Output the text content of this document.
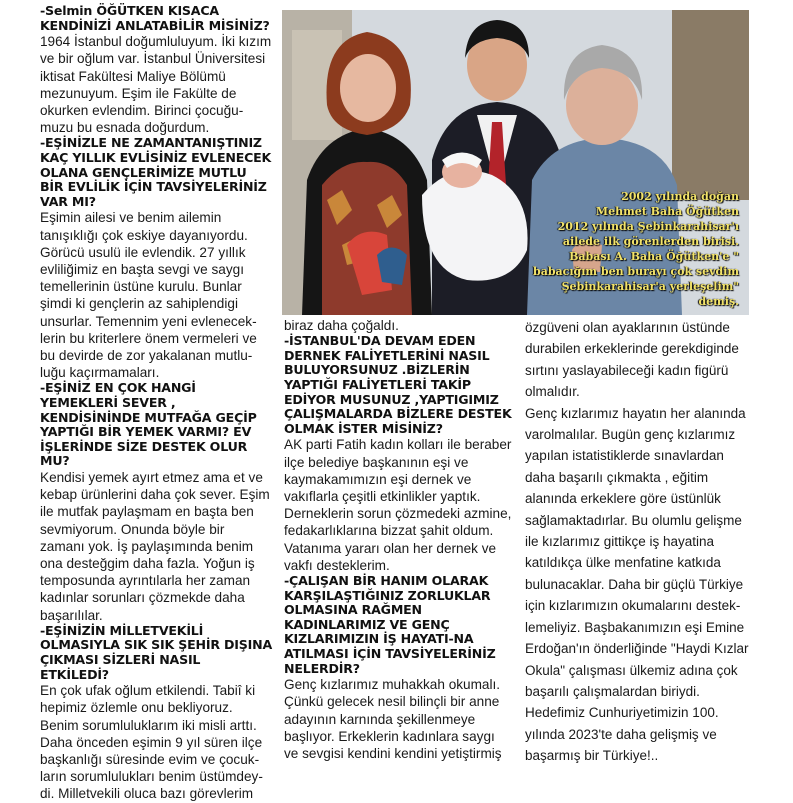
-Selmin ÖĞÜTKEN KISACA KENDİNİZİ ANLATABİLİR MİSİNİZ?

1964 İstanbul doğumluluyum. İki kızım ve bir oğlum var. İstanbul Üniversitesi iktisat Fakültesi Maliye Bölümü mezunuyum. Eşim ile Fakülte de okurken evlendim. Birinci çocuğu-muzu bu esnada doğurdum.

-EŞİNİZLE NE ZAMANTANIŞTINIZ KAÇ YILLIK EVLİSİNİZ EVLENECEK OLANA GENÇLERİMİZE MUTLU BİR EVLİLİK İÇİN TAVSİYELERİNİZ VAR MI?

Eşimin ailesi ve benim ailemin tanışıklığı çok eskiye dayanıyordu. Görücü usulü ile evlendik. 27 yıllık evliliğimiz en başta sevgi ve saygı temellerinin üstüne kurulu. Bunlar şimdi ki gençlerin az sahiplendigi unsurlar. Temennim yeni evlenecek-lerin bu kriterlere önem vermeleri ve bu devirde de zor yakalanan mutlu-luğu kaçırmamaları.

-EŞİNİZ EN ÇOK HANGİ YEMEKLERİ SEVER , KENDİSİNİNDE MUTFAĞA GEÇİP YAPTIĞI BİR YEMEK VARMI? EV İŞLERİNDE SİZE DESTEK OLUR MU?

Kendisi yemek ayırt etmez ama et ve kebap ürünlerini daha çok sever. Eşim ile mutfak paylaşmam en başta ben sevmiyorum. Onunda böyle bir zamanı yok. İş paylaşımında benim ona desteğgim daha fazla. Yoğun iş temposunda ayrıntılarla her zaman kadınlar sorunları çözmekde daha başarılılar.

-EŞİNİZİN MİLLETVEKİLİ OLMASIYLA SIK SIK ŞEHİR DIŞINA ÇIKMASI SİZLERİ NASIL ETKİLEDİ?

En çok ufak oğlum etkilendi. Tabiî ki hepimiz özlemle onu bekliyoruz. Benim sorumluluklarım iki misli arttı. Daha önceden eşimin 9 yıl süren ilçe başkanlığı süresinde evim ve çocuk-ların sorumlulukları benim üstümdey-di. Milletvekili oluca bazı görevlerim

biraz daha çoğaldı.

-İSTANBUL'DA DEVAM EDEN DERNEK FALİYETLERİNİ NASIL BULUYORSUNUZ .BİZLERİN YAPTIĞI FALİYETLERİ TAKİP EDİYOR MUSUNUZ ,YAPTIGIMIZ ÇALIŞMALARDA BİZLERE DESTEK OLMAK İSTER MİSİNİZ?

AK parti Fatih kadın kolları ile beraber ilçe belediye başkanının eşi ve kaymakamımızın eşi dernek ve vakıflarla çeşitli etkinlikler yaptık. Derneklerin sorun çözmedeki azmine, fedakarlıklarına bizzat şahit oldum. Vatanıma yararı olan her dernek ve vakfı desteklerim.

-ÇALIŞAN BİR HANIM OLARAK KARŞILAŞTIĞINIZ ZORLUKLAR OLMASINA RAĞMEN KADINLARIMIZ VE GENÇ KIZLARIMIZIN İŞ HAYATI-NA ATILMASI İÇİN TAVSİYELERİNİZ NELERDİR?

Genç kızlarımız muhakkah okumalı. Çünkü gelecek nesil bilinçli bir anne adayının karnında şekillenmeye başlıyor. Erkeklerin kadınlara saygı ve sevgisi kendini kendini yetiştirmiş

özgüveni olan ayaklarının üstünde durabilen erkeklerinde gerekdiginde sırtını yaslayabileceği kadın figürü olmalıdır.

Genç kızlarımız hayatın her alanında varolmalılar. Bugün genç kızlarımız yapılan istatistiklerde sınavlardan daha başarılı çıkmakta , eğitim alanında erkeklere göre üstünlük sağlamaktadırlar. Bu olumlu gelişme ile kızlarımız gittikçe iş hayatina katıldıkça ülke menfatine katkıda bulunacaklar. Daha bir güçlü Türkiye için kızlarımızın okumalarını destek-lemeliyiz. Başbakanımızın eşi Emine Erdoğan'ın önderliğinde "Haydi Kızlar Okula" çalışması ülkemiz adına çok başarılı çalışmalardan biriydi. Hedefimiz Cunhuriyetimizin 100. yılında 2023'te daha gelişmiş ve başarmış bir Türkiye!..

2002 yılında doğan

Mehmet Baha Öğütken

2012 yılında Şebinkarahisar'ı

ailede ilk görenlerden birisi.

Babası A. Baha Öğütken'e "

babacığım ben burayı çok sevdim

Şebinkarahisar'a yerleşelim" demiş.
